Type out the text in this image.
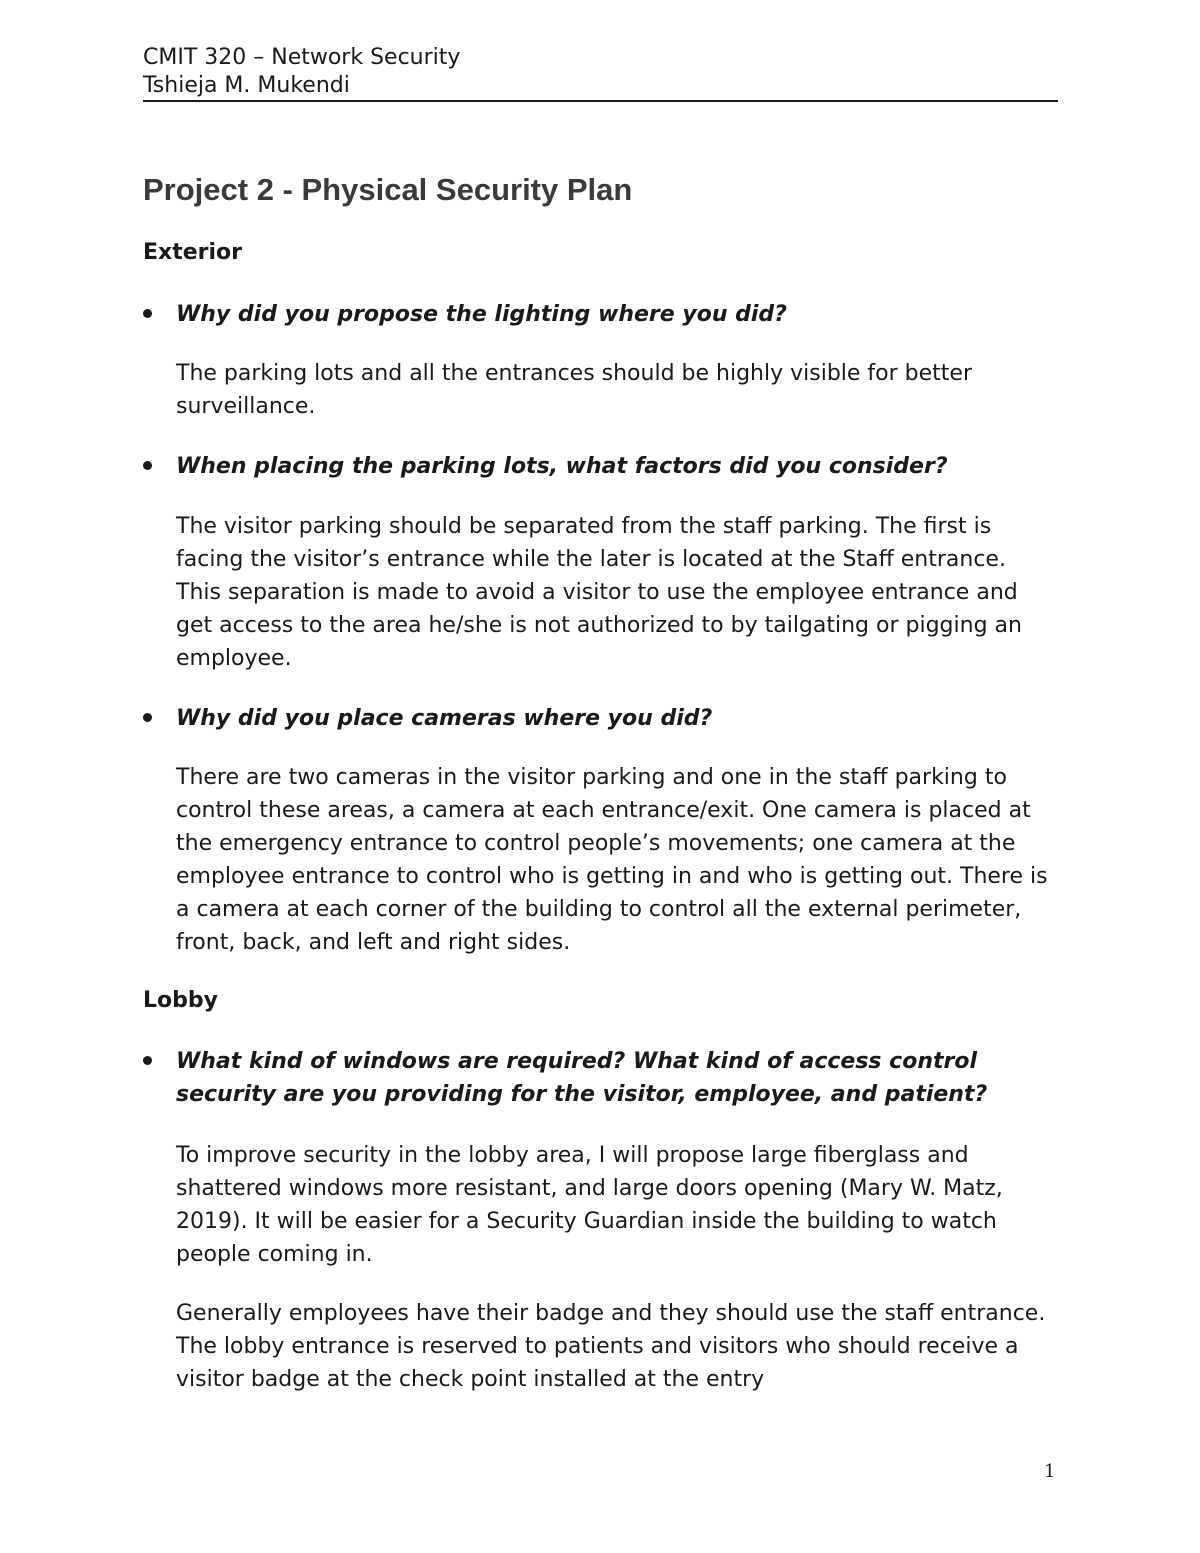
CMIT 320 – Network Security
Tshieja M. Mukendi
Project 2 - Physical Security Plan
Exterior
Why did you propose the lighting where you did?
The parking lots and all the entrances should be highly visible for better surveillance.
When placing the parking lots, what factors did you consider?
The visitor parking should be separated from the staff parking. The first is facing the visitor’s entrance while the later is located at the Staff entrance. This separation is made to avoid a visitor to use the employee entrance and get access to the area he/she is not authorized to by tailgating or pigging an employee.
Why did you place cameras where you did?
There are two cameras in the visitor parking and one in the staff parking to control these areas, a camera at each entrance/exit. One camera is placed at the emergency entrance to control people’s movements; one camera at the employee entrance to control who is getting in and who is getting out. There is a camera at each corner of the building to control all the external perimeter, front, back, and left and right sides.
Lobby
What kind of windows are required? What kind of access control security are you providing for the visitor, employee, and patient?
To improve security in the lobby area, I will propose large fiberglass and shattered windows more resistant, and large doors opening (Mary W. Matz, 2019). It will be easier for a Security Guardian inside the building to watch people coming in.
Generally employees have their badge and they should use the staff entrance. The lobby entrance is reserved to patients and visitors who should receive a visitor badge at the check point installed at the entry
1
